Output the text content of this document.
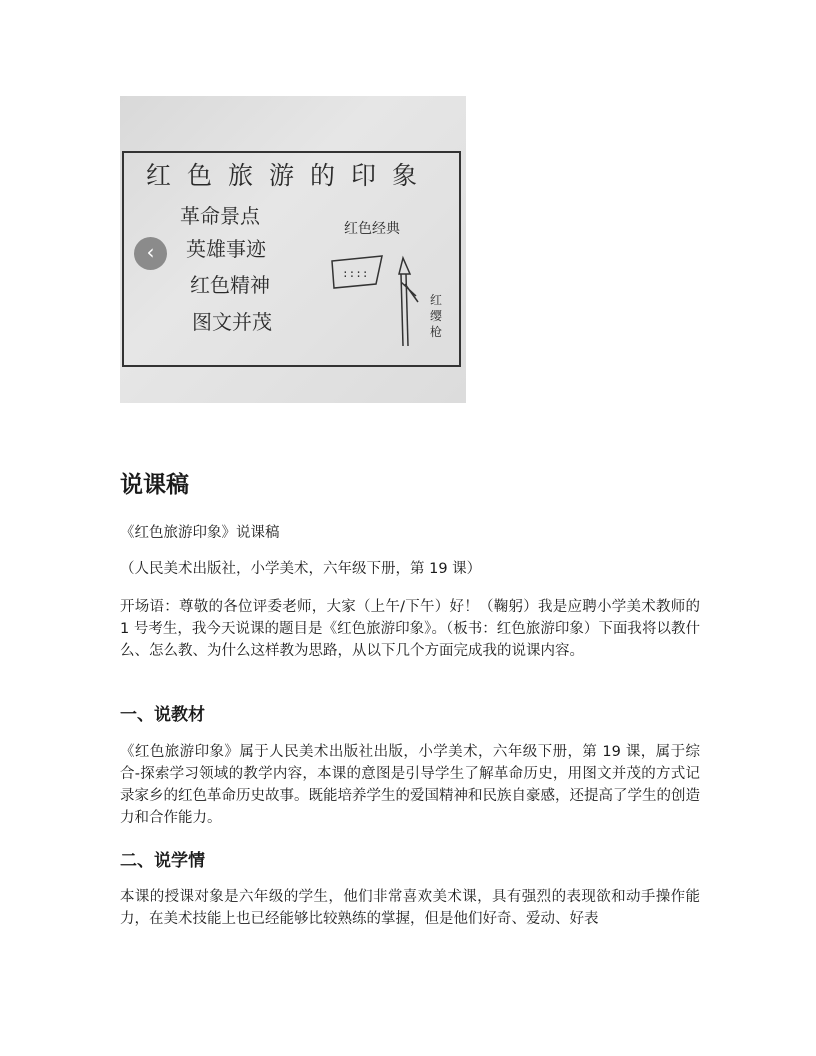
红色旅游的印象
革命景点
英雄事迹
红色精神
图文并茂
红色经典
::::
红
缨
枪
‹
说课稿

《红色旅游印象》说课稿

（人民美术出版社，小学美术，六年级下册，第 19 课）

开场语：尊敬的各位评委老师，大家（上午/下午）好！（鞠躬）我是应聘小学美术教师的 1 号考生，我今天说课的题目是《红色旅游印象》。（板书：红色旅游印象）下面我将以教什么、怎么教、为什么这样教为思路，从以下几个方面完成我的说课内容。

一、说教材

《红色旅游印象》属于人民美术出版社出版，小学美术，六年级下册，第 19 课，属于综合-探索学习领域的教学内容，本课的意图是引导学生了解革命历史，用图文并茂的方式记录家乡的红色革命历史故事。既能培养学生的爱国精神和民族自豪感，还提高了学生的创造力和合作能力。

二、说学情

本课的授课对象是六年级的学生，他们非常喜欢美术课，具有强烈的表现欲和动手操作能力，在美术技能上也已经能够比较熟练的掌握，但是他们好奇、爱动、好表
